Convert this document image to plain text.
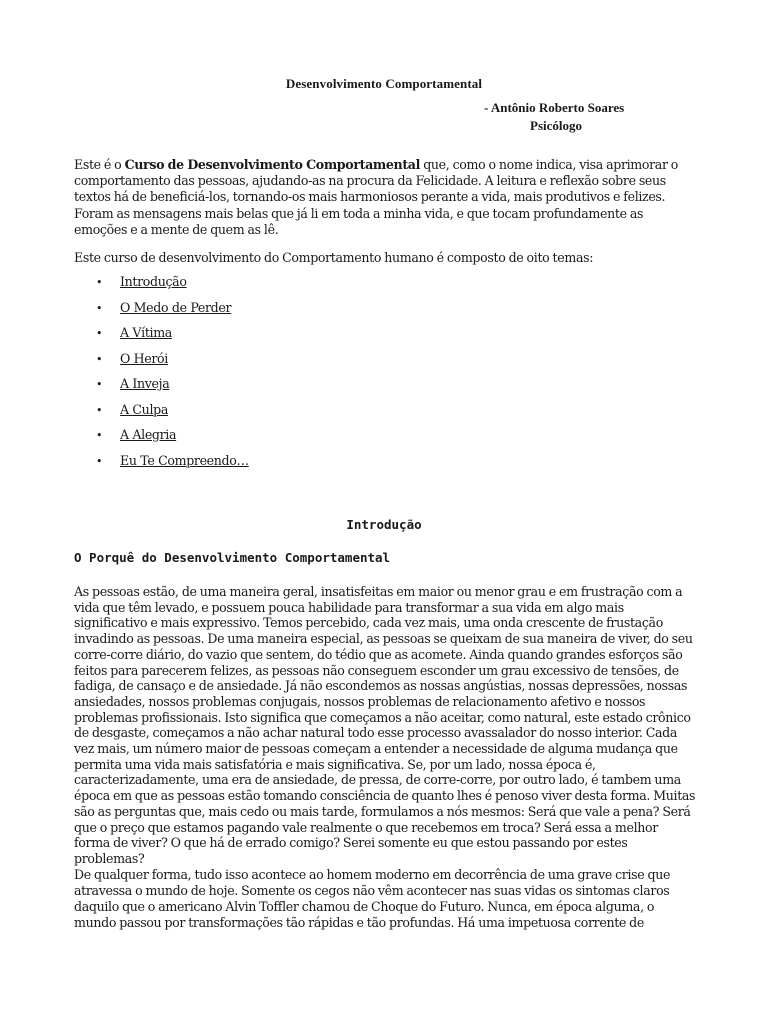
Desenvolvimento Comportamental
- Antônio Roberto Soares
Psicólogo
Este é o Curso de Desenvolvimento Comportamental que, como o nome indica, visa aprimorar o comportamento das pessoas, ajudando-as na procura da Felicidade. A leitura e reflexão sobre seus textos há de beneficiá-los, tornando-os mais harmoniosos perante a vida, mais produtivos e felizes. Foram as mensagens mais belas que já li em toda a minha vida, e que tocam profundamente as emoções e a mente de quem as lê.
Este curso de desenvolvimento do Comportamento humano é composto de oito temas:
• Introdução
• O Medo de Perder
• A Vítima
• O Herói
• A Inveja
• A Culpa
• A Alegria
• Eu Te Compreendo…
Introdução
O Porquê do Desenvolvimento Comportamental
As pessoas estão, de uma maneira geral, insatisfeitas em maior ou menor grau e em frustração com a vida que têm levado, e possuem pouca habilidade para transformar a sua vida em algo mais significativo e mais expressivo. Temos percebido, cada vez mais, uma onda crescente de frustação invadindo as pessoas. De uma maneira especial, as pessoas se queixam de sua maneira de viver, do seu corre-corre diário, do vazio que sentem, do tédio que as acomete. Ainda quando grandes esforços são feitos para parecerem felizes, as pessoas não conseguem esconder um grau excessivo de tensões, de fadiga, de cansaço e de ansiedade. Já não escondemos as nossas angústias, nossas depressões, nossas ansiedades, nossos problemas conjugais, nossos problemas de relacionamento afetivo e nossos problemas profissionais. Isto significa que começamos a não aceitar, como natural, este estado crônico de desgaste, começamos a não achar natural todo esse processo avassalador do nosso interior. Cada vez mais, um número maior de pessoas começam a entender a necessidade de alguma mudança que permita uma vida mais satisfatória e mais significativa. Se, por um lado, nossa época é, caracterizadamente, uma era de ansiedade, de pressa, de corre-corre, por outro lado, é tambem uma época em que as pessoas estão tomando consciência de quanto lhes é penoso viver desta forma. Muitas são as perguntas que, mais cedo ou mais tarde, formulamos a nós mesmos: Será que vale a pena? Será que o preço que estamos pagando vale realmente o que recebemos em troca? Será essa a melhor forma de viver? O que há de errado comigo? Serei somente eu que estou passando por estes problemas?
De qualquer forma, tudo isso acontece ao homem moderno em decorrência de uma grave crise que atravessa o mundo de hoje. Somente os cegos não vêm acontecer nas suas vidas os sintomas claros daquilo que o americano Alvin Toffler chamou de Choque do Futuro. Nunca, em época alguma, o mundo passou por transformações tão rápidas e tão profundas. Há uma impetuosa corrente de
